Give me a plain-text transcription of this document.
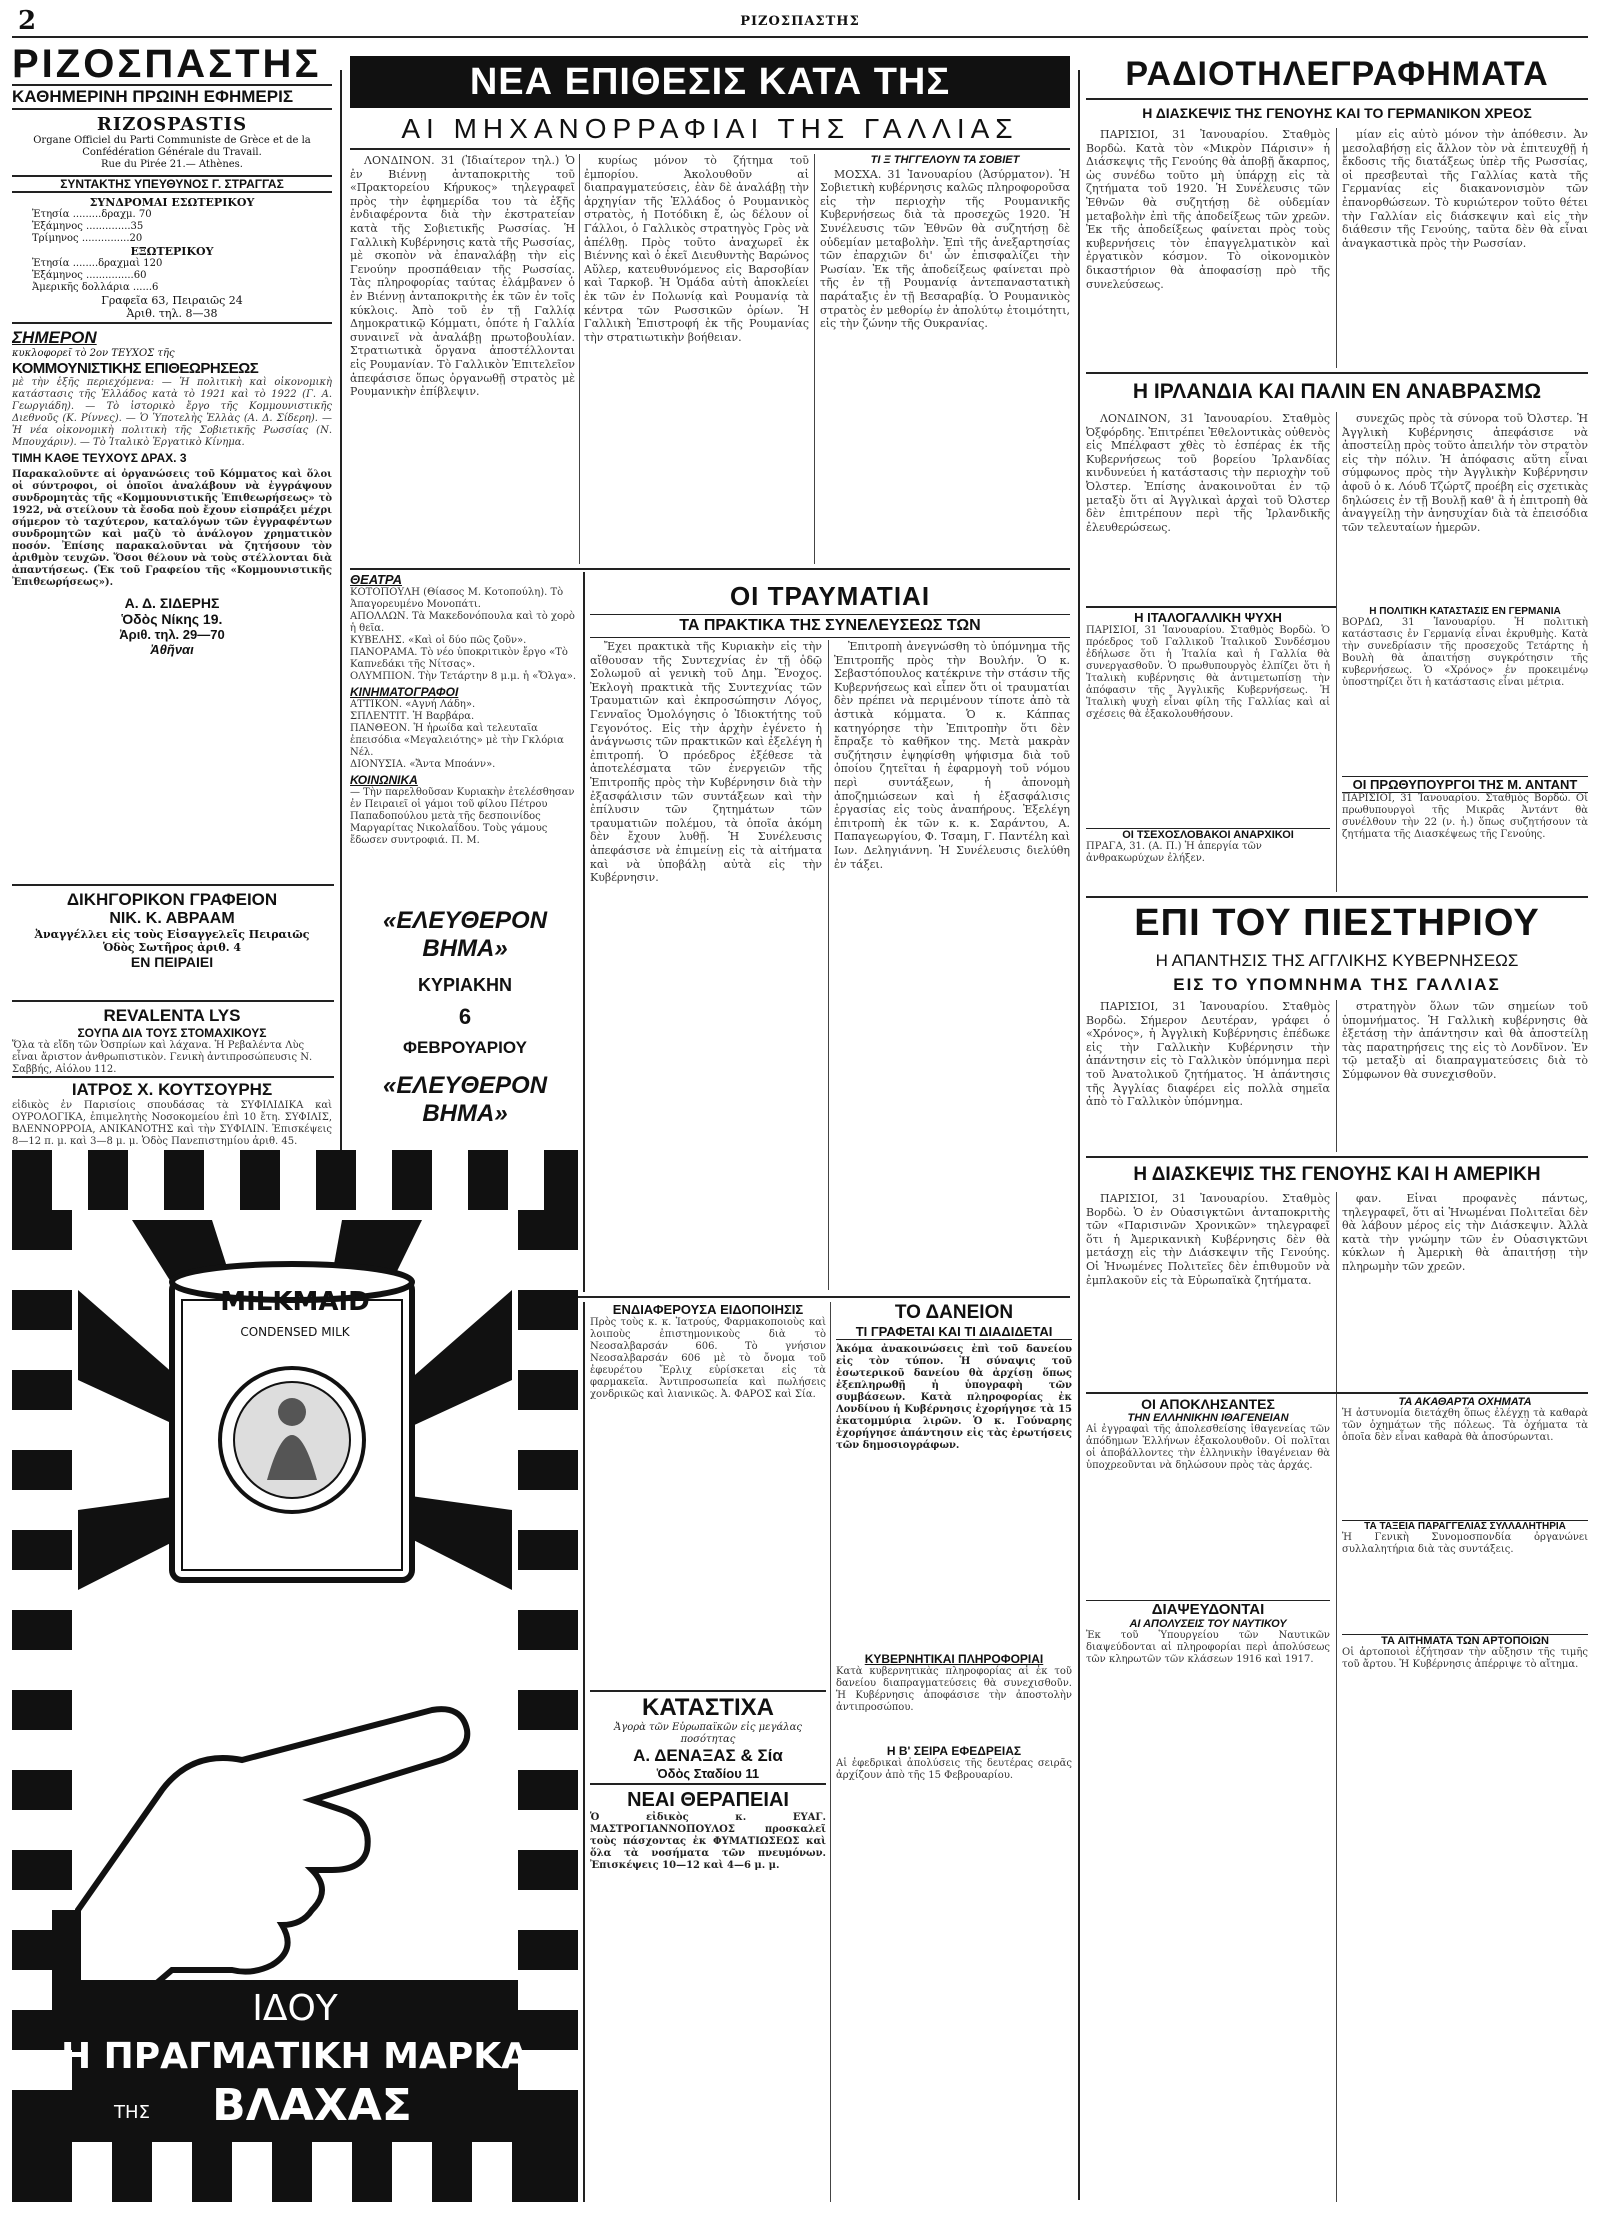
2	ΡΙΖΟΣΠΑΣΤΗΣ
ΡΙΖΟΣΠΑΣΤΗΣ
ΚΑΘΗΜΕΡΙΝΗ ΠΡΩΙΝΗ ΕΦΗΜΕΡΙΣ
RIZOSPASTIS
Organe Officiel du Parti Communiste de Grèce et de la Confédération Générale du Travail.
Rue du Pirée 21.— Athènes.
ΣΥΝΤΑΚΤΗΣ ΥΠΕΥΘΥΝΟΣ Γ. ΣΤΡΑΓΓΑΣ
ΣΥΝΔΡΟΜΑΙ ΕΣΩΤΕΡΙΚΟΥ
Ἐτησία .........δραχμ. 70
Ἑξάμηνος ..............35
Τρίμηνος ...............20
ΕΞΩΤΕΡΙΚΟΥ
Ἐτησία ........δραχμαὶ 120
Ἑξάμηνος ...............60
Ἀμερικῆς δολλάρια ......6
Γραφεῖα 63, Πειραιῶς 24
Ἀριθ. τηλ. 8—38
ΣΗΜΕΡΟΝ
κυκλοφορεῖ τὸ 2ον ΤΕΥΧΟΣ τῆς
ΚΟΜΜΟΥΝΙΣΤΙΚΗΣ ΕΠΙΘΕΩΡΗΣΕΩΣ
μὲ τὴν ἑξῆς περιεχόμενα: — Ἡ πολιτικὴ καὶ οἰκονομικὴ κατάστασις τῆς Ἑλλάδος κατὰ τὸ 1921 καὶ τὸ 1922 (Γ. Α. Γεωργιάδη). — Τὸ ἱστορικὸ ἔργο τῆς Κομμουνιστικῆς Διεθνοῦς (Κ. Ρίννες). — Ὁ Ὑποτελὴς Ἑλλὰς (Α. Δ. Σίδερη). — Ἡ νέα οἰκονομικὴ πολιτικὴ τῆς Σοβιετικῆς Ρωσσίας (Ν. Μπουχάριν). — Τὸ Ἰταλικὸ Ἐργατικὸ Κίνημα.
ΤΙΜΗ ΚΑΘΕ ΤΕΥΧΟΥΣ ΔΡΑΧ. 3
Παρακαλοῦντε αἱ ὀργανώσεις τοῦ Κόμματος καὶ ὅλοι οἱ σύντροφοι, οἱ ὁποῖοι ἀναλάβουν νὰ ἐγγράψουν συνδρομητὰς τῆς «Κομμουνιστικῆς Ἐπιθεωρήσεως» τὸ 1922, νὰ στείλουν τὰ ἔσοδα ποὺ ἔχουν εἰσπράξει μέχρι σήμερον τὸ ταχύτερον, καταλόγων τῶν ἐγγραφέντων συνδρομητῶν καὶ μαζὺ τὸ ἀνάλογον χρηματικὸν ποσόν. Ἐπίσης παρακαλοῦνται νὰ ζητήσουν τὸν ἀριθμὸν τευχῶν. Ὅσοι θέλουν νὰ τοὺς στέλλονται διὰ ἀπαντήσεως. (Ἐκ τοῦ Γραφείου τῆς «Κομμουνιστικῆς Ἐπιθεωρήσεως»).
Α. Δ. ΣΙΔΕΡΗΣ
Ὁδὸς Νίκης 19.
Ἀριθ. τηλ. 29—70
Ἀθῆναι
ΔΙΚΗΓΟΡΙΚΟΝ ΓΡΑΦΕΙΟΝ
ΝΙΚ. Κ. ΑΒΡΑΑΜ
Ἀναγγέλλει εἰς τοὺς Εἰσαγγελεῖς Πειραιῶς
Ὁδὸς Σωτῆρος ἀριθ. 4
ΕΝ ΠΕΙΡΑΙΕΙ
REVALENTA LYS
ΣΟΥΠΑ ΔΙΑ ΤΟΥΣ ΣΤΟΜΑΧΙΚΟΥΣ
Ὅλα τὰ εἴδη τῶν Ὀσπρίων καὶ λάχανα. Ἡ Ρεβαλέντα Λὺς εἶναι ἄριστον ἀνθρωπιστικὸν. Γενικὴ ἀντιπροσώπευσις Ν. Σαββής, Αἰόλου 112.
ΙΑΤΡΟΣ Χ. ΚΟΥΤΣΟΥΡΗΣ
εἰδικὸς ἐν Παρισίοις σπουδάσας τὰ ΣΥΦΙΛΙΔΙΚΑ καὶ ΟΥΡΟΛΟΓΙΚΑ, ἐπιμελητὴς Νοσοκομείου ἐπὶ 10 ἔτη. ΣΥΦΙΛΙΣ, ΒΛΕΝΝΟΡΡΟΙΑ, ΑΝΙΚΑΝΟΤΗΣ καὶ τὴν ΣΥΦΙΛΙΝ. Ἐπισκέψεις 8—12 π. μ. καὶ 3—8 μ. μ. Ὁδὸς Πανεπιστημίου ἀριθ. 45.
ΝΕΑ ΕΠΙΘΕΣΙΣ ΚΑΤΑ ΤΗΣ
ΑΙ ΜΗΧΑΝΟΡΡΑΦΙΑΙ ΤΗΣ ΓΑΛΛΙΑΣ

ΛΟΝΔΙΝΟΝ. 31 (Ἰδιαίτερον τηλ.) Ὁ ἐν Βιέννῃ ἀνταποκριτὴς τοῦ «Πρακτορείου Κήρυκος» τηλεγραφεῖ πρὸς τὴν ἐφημερίδα του τὰ ἑξῆς ἐνδιαφέροντα διὰ τὴν ἐκστρατείαν κατὰ τῆς Σοβιετικῆς Ρωσσίας. Ἡ Γαλλικὴ Κυβέρνησις κατὰ τῆς Ρωσσίας, μὲ σκοπὸν νὰ ἐπαναλάβῃ τὴν εἰς Γενούην προσπάθειαν τῆς Ρωσσίας. Τὰς πληροφορίας ταύτας ἐλάμβανεν ὁ ἐν Βιέννῃ ἀνταποκριτὴς ἐκ τῶν ἐν τοῖς κύκλοις. Ἀπὸ τοῦ ἐν τῇ Γαλλίᾳ Δημοκρατικῷ Κόμματι, ὁπότε ἡ Γαλλία συναινεῖ νὰ ἀναλάβῃ πρωτοβουλίαν. Στρατιωτικὰ ὄργανα ἀποστέλλονται εἰς Ρουμανίαν. Τὸ Γαλλικὸν Ἐπιτελεῖον ἀπεφάσισε ὅπως ὀργανωθῇ στρατὸς μὲ Ρουμανικὴν ἐπίβλεψιν.

κυρίως μόνον τὸ ζήτημα τοῦ ἐμπορίου. Ἀκολουθοῦν αἱ διαπραγματεύσεις, ἐὰν δὲ ἀναλάβῃ τὴν ἀρχηγίαν τῆς Ἑλλάδος ὁ Ρουμανικὸς στρατὸς, ἡ Ποτόδικη ἔ, ὡς δέλουν οἱ Γάλλοι, ὁ Γαλλικὸς στρατηγὸς Γρὸς νὰ ἀπέλθῃ. Πρὸς τοῦτο ἀναχωρεῖ ἐκ Βιέννης καὶ ὁ ἐκεῖ Διευθυντὴς Βαρώνος Αὔλερ, κατευθυνόμενος εἰς Βαρσοβίαν καὶ Ταρκοβ. Ἡ Ὁμάδα αὐτὴ ἀποκλείει ἐκ τῶν ἐν Πολωνίᾳ καὶ Ρουμανίᾳ τὰ κέντρα τῶν Ρωσσικῶν ὁρίων. Ἡ Γαλλικὴ Ἐπιστροφή ἐκ τῆς Ρουμανίας τὴν στρατιωτικὴν βοήθειαν.

ΤΙ Ξ ΤΗΓΓΕΛΟΥΝ ΤΑ ΣΟΒΙΕΤ

ΜΟΣΧΑ. 31 Ἰανουαρίου (Ἀσύρματον). Ἡ Σοβιετικὴ κυβέρνησις καλῶς πληροφοροῦσα εἰς τὴν περιοχὴν τῆς Ρουμανικῆς Κυβερνήσεως διὰ τὰ προσεχῶς 1920. Ἡ Συνέλευσις τῶν Ἐθνῶν θὰ συζητήσῃ δὲ οὐδεμίαν μεταβολὴν. Ἐπὶ τῆς ἀνεξαρτησίας τῶν ἐπαρχιῶν δι' ὧν ἐπισφαλίζει τὴν Ρωσίαν. Ἐκ τῆς ἀποδείξεως φαίνεται πρὸ τῆς ἐν τῇ Ρουμανίᾳ ἀντεπαναστατικὴ παράταξις ἐν τῇ Βεσαραβίᾳ. Ὁ Ρουμανικὸς στρατὸς ἐν μεθορίῳ ἐν ἀπολύτῳ ἐτοιμότητι, εἰς τὴν ζώνην τῆς Ουκρανίας.

ΘΕΑΤΡΑ
ΚΟΤΟΠΟΥΛΗ (Θίασος Μ. Κοτοπούλη). Τὸ Ἀπαγορευμένο Μονοπάτι.
ΑΠΟΛΛΩΝ. Τὰ Μακεδονόπουλα καὶ τὸ χορὸ ἡ θεῖα.
ΚΥΒΕΛΗΣ. «Καὶ οἱ δύο πῶς ζοῦν».
ΠΑΝΟΡΑΜΑ. Τὸ νέο ὑποκριτικὸν ἔργο «Τὸ Καπνεδάκι τῆς Νίτσας».
ΟΛΥΜΠΙΟΝ. Τὴν Τετάρτην 8 μ.μ. ἡ «Ὄλγα».
ΚΙΝΗΜΑΤΟΓΡΑΦΟΙ
ΑΤΤΙΚΟΝ. «Αγνή Λάδη».
ΣΠΛΕΝΤΙΤ. Ἡ Βαρβάρα.
ΠΑΝΘΕΟΝ. Ἡ ἡρωίδα καὶ τελευταῖα ἐπεισόδια «Μεγαλειότης» μὲ τὴν Γκλόρια Νέλ.
ΔΙΟΝΥΣΙΑ. «Ἄντα Μποάνν».
ΚΟΙΝΩΝΙΚΑ
— Τὴν παρελθοῦσαν Κυριακὴν ἐτελέσθησαν ἐν Πειραιεῖ οἱ γάμοι τοῦ φίλου Πέτρου Παπαδοπούλου μετὰ τῆς δεσποινίδος Μαργαρίτας Νικολαΐδου. Τοὺς γάμους ἔδωσεν συντροφιά. Π. Μ.
«ΕΛΕΥΘΕΡΟΝ ΒΗΜΑ»
ΚΥΡΙΑΚΗΝ
6
ΦΕΒΡΟΥΑΡΙΟΥ
«ΕΛΕΥΘΕΡΟΝ ΒΗΜΑ»
ΟΙ ΤΡΑΥΜΑΤΙΑΙ
ΤΑ ΠΡΑΚΤΙΚΑ ΤΗΣ ΣΥΝΕΛΕΥΣΕΩΣ ΤΩΝ

Ἔχει πρακτικὰ τῆς Κυριακὴν εἰς τὴν αἴθουσαν τῆς Συντεχνίας ἐν τῇ ὁδῷ Σολωμοῦ αἱ γενικὴ τοῦ Δημ. Ἔνοχος. Ἐκλογὴ πρακτικὰ τῆς Συντεχνίας τῶν Τραυματιῶν καὶ ἐκπροσώπησιν Λόγος, Γενναῖος Ὁμολόγησις ὁ Ἰδιοκτήτης τοῦ Γεγονότος. Εἰς τὴν ἀρχὴν ἐγένετο ἡ ἀνάγνωσις τῶν πρακτικῶν καὶ ἐξελέγη ἡ ἐπιτροπή. Ὁ πρόεδρος ἐξέθεσε τὰ ἀποτελέσματα τῶν ἐνεργειῶν τῆς Ἐπιτροπῆς πρὸς τὴν Κυβέρνησιν διὰ τὴν ἐξασφάλισιν τῶν συντάξεων καὶ τὴν ἐπίλυσιν τῶν ζητημάτων τῶν τραυματιῶν πολέμου, τὰ ὁποῖα ἀκόμη δὲν ἔχουν λυθῇ. Ἡ Συνέλευσις ἀπεφάσισε νὰ ἐπιμείνῃ εἰς τὰ αἰτήματα καὶ νὰ ὑποβάλῃ αὐτὰ εἰς τὴν Κυβέρνησιν.

Ἐπιτροπὴ ἀνεγνώσθη τὸ ὑπόμνημα τῆς Ἐπιτροπῆς πρὸς τὴν Βουλήν. Ὁ κ. Σεβαστόπουλος κατέκρινε τὴν στάσιν τῆς Κυβερνήσεως καὶ εἶπεν ὅτι οἱ τραυματίαι δὲν πρέπει νὰ περιμένουν τίποτε ἀπὸ τὰ ἀστικὰ κόμματα. Ὁ κ. Κάππας κατηγόρησε τὴν Ἐπιτροπὴν ὅτι δὲν ἔπραξε τὸ καθῆκον της. Μετὰ μακρὰν συζήτησιν ἐψηφίσθη ψήφισμα διὰ τοῦ ὁποίου ζητεῖται ἡ ἐφαρμογὴ τοῦ νόμου περὶ συντάξεων, ἡ ἀπονομὴ ἀποζημιώσεων καὶ ἡ ἐξασφάλισις ἐργασίας εἰς τοὺς ἀναπήρους. Ἐξελέγη ἐπιτροπὴ ἐκ τῶν κ. κ. Σαράντου, Α. Παπαγεωργίου, Φ. Τσαμη, Γ. Παντέλη καὶ Ιων. Δεληγιάννη. Ἡ Συνέλευσις διελύθη ἐν τάξει.

ΕΝΔΙΑΦΕΡΟΥΣΑ ΕΙΔΟΠΟΙΗΣΙΣ
Πρὸς τοὺς κ. κ. Ἰατρούς, Φαρμακοποιοὺς καὶ λοιποὺς ἐπιστημονικοὺς διὰ τὸ Νεοσαλβαρσάν 606. Τὸ γνήσιον Νεοσαλβαρσάν 606 μὲ τὸ ὄνομα τοῦ ἐφευρέτου Ἔρλιχ εὑρίσκεται εἰς τὰ φαρμακεῖα. Ἀντιπροσωπεία καὶ πωλήσεις χονδρικῶς καὶ λιανικῶς. Ἀ. ΦΑΡΟΣ καὶ Σία.
ΚΑΤΑΣΤΙΧΑ
Ἀγορὰ τῶν Εὐρωπαϊκῶν εἰς μεγάλας ποσότητας
Α. ΔΕΝΑΞΑΣ & Σία
Ὁδὸς Σταδίου 11
ΝΕΑΙ ΘΕΡΑΠΕΙΑΙ
Ὁ εἰδικὸς κ. ΕΥΑΓ. ΜΑΣΤΡΟΓΙΑΝΝΟΠΟΥΛΟΣ προσκαλεῖ τοὺς πάσχοντας ἐκ ΦΥΜΑΤΙΩΣΕΩΣ καὶ ὅλα τὰ νοσήματα τῶν πνευμόνων. Ἐπισκέψεις 10—12 καὶ 4—6 μ. μ.
ΤΟ ΔΑΝΕΙΟΝ
ΤΙ ΓΡΑΦΕΤΑΙ ΚΑΙ ΤΙ ΔΙΑΔΙΔΕΤΑΙ
Ἀκόμα ἀνακοινώσεις ἐπὶ τοῦ δανείου εἰς τὸν τύπον. Ἡ σύναψις τοῦ ἐσωτερικοῦ δανείου θὰ ἀρχίσῃ ὅπως ἐξεπληρωθῇ ἡ ὑπογραφὴ τῶν συμβάσεων. Κατὰ πληροφορίας ἐκ Λονδίνου ἡ Κυβέρνησις ἐχορήγησε τὰ 15 ἑκατομμύρια λιρῶν. Ὁ κ. Γούναρης ἐχορήγησε ἀπάντησιν εἰς τὰς ἐρωτήσεις τῶν δημοσιογράφων.
ΚΥΒΕΡΝΗΤΙΚΑΙ ΠΛΗΡΟΦΟΡΙΑΙ
Κατὰ κυβερνητικὰς πληροφορίας αἱ ἐκ τοῦ δανείου διαπραγματεύσεις θὰ συνεχισθοῦν. Ἡ Κυβέρνησις ἀποφάσισε τὴν ἀποστολὴν ἀντιπροσώπου.
Η Β' ΣΕΙΡΑ ΕΦΕΔΡΕΙΑΣ
Αἱ ἐφεδρικαὶ ἀπολύσεις τῆς δευτέρας σειρᾶς ἀρχίζουν ἀπὸ τῆς 15 Φεβρουαρίου.
ΡΑΔΙΟΤΗΛΕΓΡΑΦΗΜΑΤΑ
Η ΔΙΑΣΚΕΨΙΣ ΤΗΣ ΓΕΝΟΥΗΣ ΚΑΙ ΤΟ ΓΕΡΜΑΝΙΚΟΝ ΧΡΕΟΣ

ΠΑΡΙΣΙΟΙ, 31 Ἰανουαρίου. Σταθμὸς Βορδὼ. Κατὰ τὸν «Μικρὸν Πάρισιν» ἡ Διάσκεψις τῆς Γενούης θὰ ἀποβῇ ἄκαρπος, ὡς συνέδω τοῦτο μὴ ὑπάρχῃ εἰς τὰ ζητήματα τοῦ 1920. Ἡ Συνέλευσις τῶν Ἐθνῶν θὰ συζητήσῃ δὲ οὐδεμίαν μεταβολὴν ἐπὶ τῆς ἀποδείξεως τῶν χρεῶν. Ἐκ τῆς ἀποδείξεως φαίνεται πρὸς τοὺς κυβερνήσεις τὸν ἐπαγγελματικὸν καὶ ἐργατικὸν κόσμον. Τὸ οἰκονομικὸν δικαστήριον θὰ ἀποφασίσῃ πρὸ τῆς συνελεύσεως.

μίαν εἰς αὐτὸ μόνον τὴν ἀπόθεσιν. Ἀν μεσολαβήσῃ εἰς ἄλλον τὸν νὰ ἐπιτευχθῇ ἡ ἔκδοσις τῆς διατάξεως ὑπὲρ τῆς Ρωσσίας, οἱ πρεσβευταὶ τῆς Γαλλίας κατὰ τῆς Γερμανίας εἰς διακανονισμὸν τῶν ἐπανορθώσεων. Τὸ κυριώτερον τοῦτο θέτει τὴν Γαλλίαν εἰς διάσκεψιν καὶ εἰς τὴν διάθεσιν τῆς Γενούης, ταῦτα δὲν θὰ εἶναι ἀναγκαστικὰ πρὸς τὴν Ρωσσίαν.

Η ΙΡΛΑΝΔΙΑ ΚΑΙ ΠΑΛΙΝ ΕΝ ΑΝΑΒΡΑΣΜΩ

ΛΟΝΔΙΝΟΝ, 31 Ἰανουαρίου. Σταθμὸς Ὀξφόρδης. Ἐπιτρέπει Ἐθελοντικὰς οὐθενὸς εἰς Μπέλφαστ χθὲς τὸ ἑσπέρας ἐκ τῆς Κυβερνήσεως τοῦ βορείου Ἰρλανδίας κινδυνεύει ἡ κατάστασις τὴν περιοχὴν τοῦ Ὀλστερ. Ἐπίσης ἀνακοινοῦται ἐν τῷ μεταξὺ ὅτι αἱ Ἀγγλικαὶ ἀρχαὶ τοῦ Ὀλστερ δὲν ἐπιτρέπουν περὶ τῆς Ἰρλανδικῆς ἐλευθερώσεως.

συνεχῶς πρὸς τὰ σύνορα τοῦ Ὀλστερ. Ἡ Ἀγγλικὴ Κυβέρνησις ἀπεφάσισε νὰ ἀποστείλῃ πρὸς τοῦτο ἀπειλήν τὸν στρατὸν εἰς τὴν πόλιν. Ἡ ἀπόφασις αὕτη εἶναι σύμφωνος πρὸς τὴν Ἀγγλικὴν Κυβέρνησιν ἀφοῦ ὁ κ. Λόυδ Τζώρτζ προέβη εἰς σχετικὰς δηλώσεις ἐν τῇ Βουλῇ καθ' ἃ ἡ ἐπιτροπὴ θὰ ἀναγγείλῃ τὴν ἀνησυχίαν διὰ τὰ ἐπεισόδια τῶν τελευταίων ἡμερῶν.

Η ΙΤΑΛΟΓΑΛΛΙΚΗ ΨΥΧΗ
ΠΑΡΙΣΙΟΙ, 31 Ἰανουαρίου. Σταθμὸς Βορδὼ. Ὁ πρόεδρος τοῦ Γαλλικοῦ Ἰταλικοῦ Συνδέσμου ἐδήλωσε ὅτι ἡ Ἰταλία καὶ ἡ Γαλλία θὰ συνεργασθοῦν. Ὁ πρωθυπουργὸς ἐλπίζει ὅτι ἡ Ἰταλικὴ κυβέρνησις θὰ ἀντιμετωπίσῃ τὴν ἀπόφασιν τῆς Ἀγγλικῆς Κυβερνήσεως. Ἡ Ἰταλικὴ ψυχὴ εἶναι φίλη τῆς Γαλλίας καὶ αἱ σχέσεις θὰ ἐξακολουθήσουν.
ΟΙ ΤΣΕΧΟΣΛΟΒΑΚΟΙ ΑΝΑΡΧΙΚΟΙ
ΠΡΑΓΑ, 31. (Α. Π.) Ἡ ἀπεργία τῶν ἀνθρακωρύχων ἐλήξεν.
Η ΠΟΛΙΤΙΚΗ ΚΑΤΑΣΤΑΣΙΣ ΕΝ ΓΕΡΜΑΝΙΑ
ΒΟΡΔΩ, 31 Ἰανουαρίου. Ἡ πολιτικὴ κατάστασις ἐν Γερμανίᾳ εἶναι ἐκρυθμὴς. Κατὰ τὴν συνεδρίασιν τῆς προσεχοῦς Τετάρτης ἡ Βουλὴ θὰ ἀπαιτήσῃ συγκρότησιν τῆς κυβερνήσεως. Ὁ «Χρόνος» ἐν προκειμένῳ ὑποστηρίζει ὅτι ἡ κατάστασις εἶναι μέτρια.
ΟΙ ΠΡΩΘΥΠΟΥΡΓΟΙ ΤΗΣ Μ. ΑΝΤΑΝΤ
ΠΑΡΙΣΙΟΙ, 31 Ἰανουαρίου. Σταθμὸς Βορδὼ. Οἱ πρωθυπουργοὶ τῆς Μικρᾶς Ἀντάντ θὰ συνέλθουν τὴν 22 (ν. ἡ.) ὅπως συζητήσουν τὰ ζητήματα τῆς Διασκέψεως τῆς Γενούης.
ΕΠΙ ΤΟΥ ΠΙΕΣΤΗΡΙΟΥ
Η ΑΠΑΝΤΗΣΙΣ ΤΗΣ ΑΓΓΛΙΚΗΣ ΚΥΒΕΡΝΗΣΕΩΣ
ΕΙΣ ΤΟ ΥΠΟΜΝΗΜΑ ΤΗΣ ΓΑΛΛΙΑΣ

ΠΑΡΙΣΙΟΙ, 31 Ἰανουαρίου. Σταθμὸς Βορδὼ. Σήμερον Δευτέραν, γράφει ὁ «Χρόνος», ἡ Ἀγγλικὴ Κυβέρνησις ἐπέδωκε εἰς τὴν Γαλλικὴν Κυβέρνησιν τὴν ἀπάντησιν εἰς τὸ Γαλλικὸν ὑπόμνημα περὶ τοῦ Ἀνατολικοῦ ζητήματος. Ἡ ἀπάντησις τῆς Ἀγγλίας διαφέρει εἰς πολλὰ σημεῖα ἀπὸ τὸ Γαλλικὸν ὑπόμνημα.

στρατηγὸν ὅλων τῶν σημείων τοῦ ὑπομνήματος. Ἡ Γαλλικὴ κυβέρνησις θὰ ἐξετάσῃ τὴν ἀπάντησιν καὶ θὰ ἀποστείλῃ τὰς παρατηρήσεις της εἰς τὸ Λονδῖνον. Ἐν τῷ μεταξὺ αἱ διαπραγματεύσεις διὰ τὸ Σύμφωνον θὰ συνεχισθοῦν.

Η ΔΙΑΣΚΕΨΙΣ ΤΗΣ ΓΕΝΟΥΗΣ ΚΑΙ Η ΑΜΕΡΙΚΗ

ΠΑΡΙΣΙΟΙ, 31 Ἰανουαρίου. Σταθμὸς Βορδὼ. Ὁ ἐν Οὐασιγκτῶνι ἀνταποκριτὴς τῶν «Παρισινῶν Χρονικῶν» τηλεγραφεῖ ὅτι ἡ Ἀμερικανικὴ Κυβέρνησις δὲν θὰ μετάσχῃ εἰς τὴν Διάσκεψιν τῆς Γενούης. Οἱ Ἡνωμένες Πολιτεῖες δὲν ἐπιθυμοῦν νὰ ἐμπλακοῦν εἰς τὰ Εὐρωπαϊκὰ ζητήματα.

φαν. Εἶναι προφανὲς πάντως, τηλεγραφεῖ, ὅτι αἱ Ἡνωμέναι Πολιτεῖαι δὲν θὰ λάβουν μέρος εἰς τὴν Διάσκεψιν. Ἀλλὰ κατὰ τὴν γνώμην τῶν ἐν Οὐασιγκτῶνι κύκλων ἡ Ἀμερικὴ θὰ ἀπαιτήσῃ τὴν πληρωμὴν τῶν χρεῶν.

ΟΙ ΑΠΟΚΛΗΣΑΝΤΕΣ
ΤΗΝ ΕΛΛΗΝΙΚΗΝ ΙΘΑΓΕΝΕΙΑΝ
Αἱ ἐγγραφαὶ τῆς ἀπολεσθείσης ἰθαγενείας τῶν ἀπόδημων Ἑλλήνων ἐξακολουθοῦν. Οἱ πολῖται οἱ ἀποβάλλοντες τὴν ἑλληνικὴν ἰθαγένειαν θὰ ὑποχρεοῦνται νὰ δηλώσουν πρὸς τὰς ἀρχάς.
ΔΙΑΨΕΥΔΟΝΤΑΙ
ΑΙ ΑΠΟΛΥΣΕΙΣ ΤΟΥ ΝΑΥΤΙΚΟΥ
Ἐκ τοῦ Ὑπουργείου τῶν Ναυτικῶν διαψεύδονται αἱ πληροφορίαι περὶ ἀπολύσεως τῶν κληρωτῶν τῶν κλάσεων 1916 καὶ 1917.
ΤΑ ΑΚΑΘΑΡΤΑ ΟΧΗΜΑΤΑ
Ἡ ἀστυνομία διετάχθη ὅπως ἐλέγχῃ τὰ καθαρὰ τῶν ὀχημάτων τῆς πόλεως. Τὰ ὀχήματα τὰ ὁποῖα δὲν εἶναι καθαρὰ θὰ ἀποσύρωνται.
ΤΑ ΤΑΞΕΙΑ ΠΑΡΑΓΓΕΛΙΑΣ ΣΥΛΛΑΛΗΤΗΡΙΑ
Ἡ Γενικὴ Συνομοσπονδία ὀργανώνει συλλαλητήρια διὰ τὰς συντάξεις.
ΤΑ ΑΙΤΗΜΑΤΑ ΤΩΝ ΑΡΤΟΠΟΙΩΝ
Οἱ ἀρτοποιοὶ ἐζήτησαν τὴν αὔξησιν τῆς τιμῆς τοῦ ἄρτου. Ἡ Κυβέρνησις ἀπέρριψε τὸ αἴτημα.
MILKMAID
CONDENSED MILK
ΙΔΟΥ
Η ΠΡΑΓΜΑΤΙΚΗ ΜΑΡΚΑ
ΤΗΣ ΒΛΑΧΑΣ
